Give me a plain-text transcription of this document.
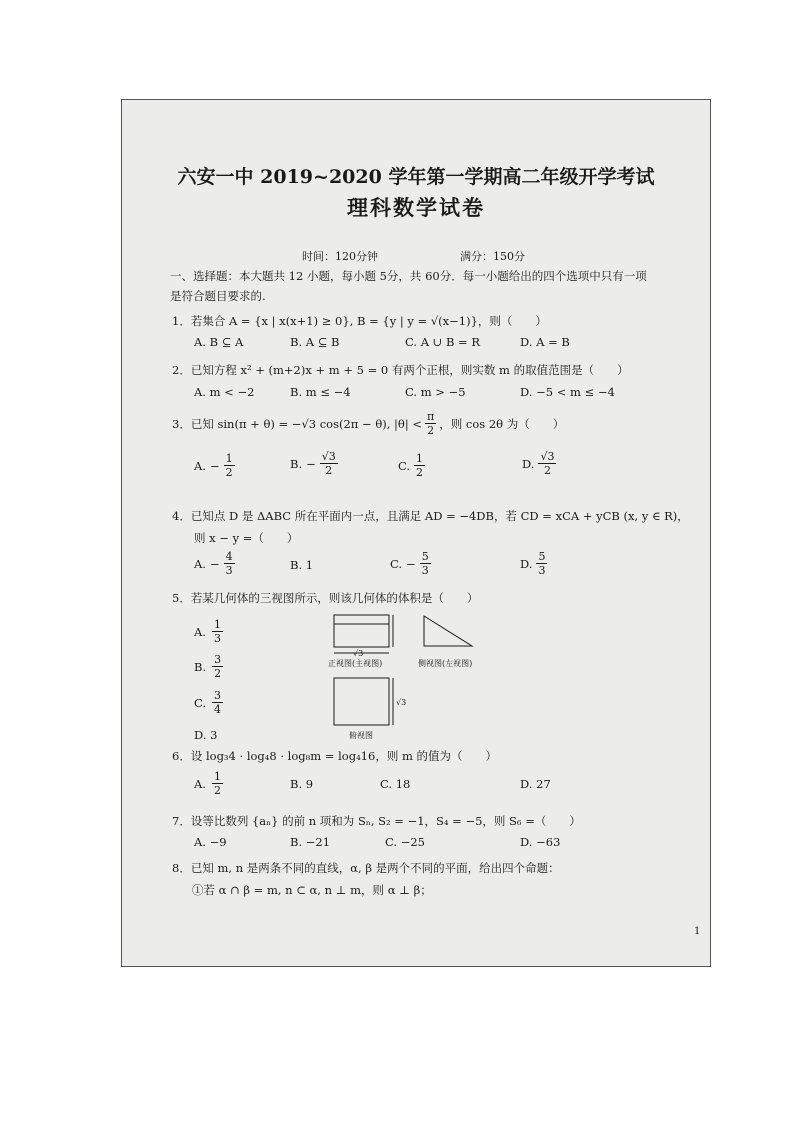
六安一中 2019~2020 学年第一学期高二年级开学考试
理科数学试卷
时间：120分钟	满分：150分
一、选择题：本大题共 12 小题，每小题 5分，共 60分．每一小题给出的四个选项中只有一项
是符合题目要求的.
1．若集合 A = {x | x(x+1) ≥ 0}, B = {y | y = √(x−1)}，则（　　）
A. B ⊆ A	B. A ⊆ B	C. A ∪ B = R	D. A = B
2．已知方程 x² + (m+2)x + m + 5 = 0 有两个正根，则实数 m 的取值范围是（　　）
A. m < −2	B. m ≤ −4	C. m > −5	D. −5 < m ≤ −4
3．已知 sin(π + θ) = −√3 cos(2π − θ), $|\theta| < \frac{\pi}{2}$ ，则 cos 2θ 为（　　）
A. − $\frac{1}{2}$	B. − $\frac{√3}{2}$	C. $\frac{1}{2}$	D. $\frac{√3}{2}$
4．已知点 D 是 ΔABC 所在平面内一点，且满足 AD = −4DB，若 CD = xCA + yCB (x, y ∈ R)，
则 x − y =（　　）
A. − $\frac{4}{3}$	B. 1	C. − $\frac{5}{3}$	D. $\frac{5}{3}$
5．若某几何体的三视图所示，则该几何体的体积是（　　）
A. $\frac{1}{3}$
B. $\frac{3}{2}$
C. $\frac{3}{4}$
D. 3
√3
正视图(主视图)	侧视图(左视图)
√3
俯视图
6．设 log₃4 · log₄8 · log₈m = log₄16，则 m 的值为（　　）
A. $\frac{1}{2}$	B. 9	C. 18	D. 27
7．设等比数列 {aₙ} 的前 n 项和为 Sₙ, S₂ = −1，S₄ = −5，则 S₆ =（　　）
A. −9	B. −21	C. −25	D. −63
8．已知 m, n 是两条不同的直线，α, β 是两个不同的平面，给出四个命题：
①若 α ∩ β = m, n ⊂ α, n ⊥ m，则 α ⊥ β；
1
